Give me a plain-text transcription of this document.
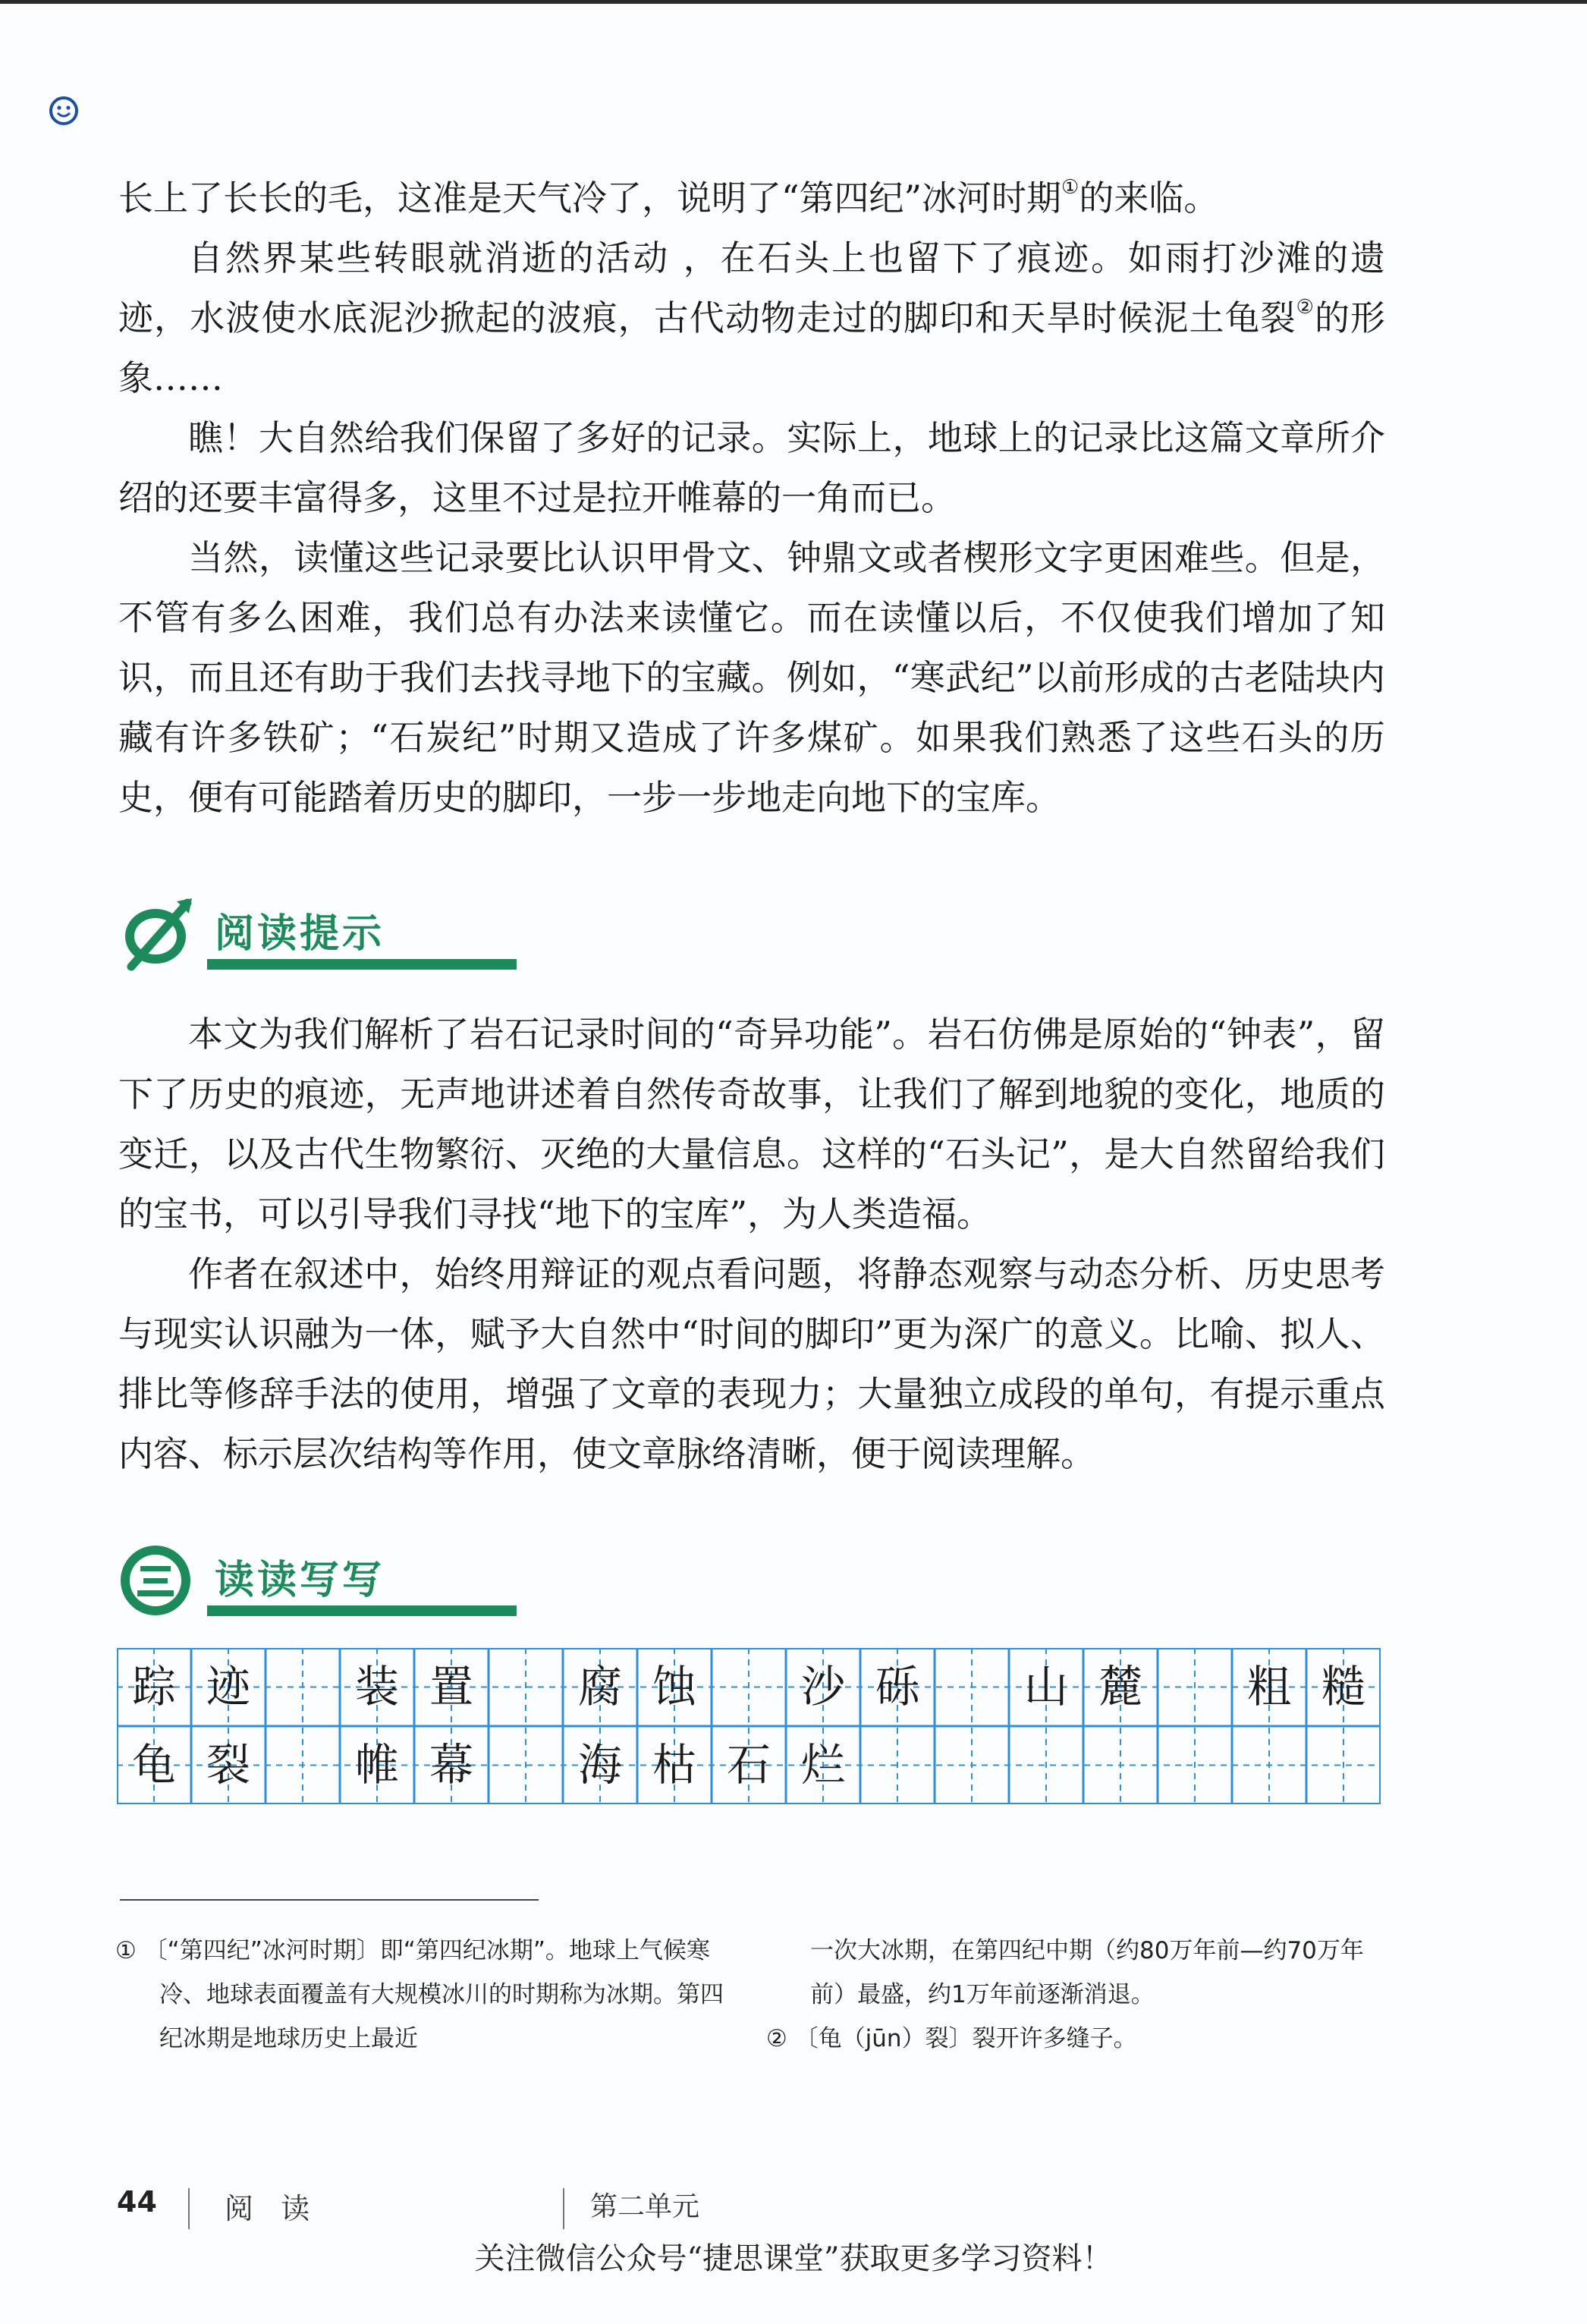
长上了长长的毛，这准是天气冷了，说明了“第四纪”冰河时期①的来临。

自然界某些转眼就消逝的活动 ，在石头上也留下了痕迹。如雨打沙滩的遗迹，水波使水底泥沙掀起的波痕，古代动物走过的脚印和天旱时候泥土龟裂②的形象……

瞧！大自然给我们保留了多好的记录。实际上，地球上的记录比这篇文章所介绍的还要丰富得多，这里不过是拉开帷幕的一角而已。

当然，读懂这些记录要比认识甲骨文、钟鼎文或者楔形文字更困难些。但是，不管有多么困难，我们总有办法来读懂它。而在读懂以后，不仅使我们增加了知识，而且还有助于我们去找寻地下的宝藏。例如，“寒武纪”以前形成的古老陆块内藏有许多铁矿；“石炭纪”时期又造成了许多煤矿。如果我们熟悉了这些石头的历史，便有可能踏着历史的脚印，一步一步地走向地下的宝库。

阅读提示

本文为我们解析了岩石记录时间的“奇异功能”。岩石仿佛是原始的“钟表”，留下了历史的痕迹，无声地讲述着自然传奇故事，让我们了解到地貌的变化，地质的变迁，以及古代生物繁衍、灭绝的大量信息。这样的“石头记”，是大自然留给我们的宝书，可以引导我们寻找“地下的宝库”，为人类造福。

作者在叙述中，始终用辩证的观点看问题，将静态观察与动态分析、历史思考与现实认识融为一体，赋予大自然中“时间的脚印”更为深广的意义。比喻、拟人、排比等修辞手法的使用，增强了文章的表现力；大量独立成段的单句，有提示重点内容、标示层次结构等作用，使文章脉络清晰，便于阅读理解。

读读写写
踪 迹	装 置	腐 蚀	沙 砾	山 麓	粗 糙
龟 裂	帷 幕	海 枯 石 烂

① 〔“第四纪”冰河时期〕即“第四纪冰期”。地球上气候寒冷、地球表面覆盖有大规模冰川的时期称为冰期。第四纪冰期是地球历史上最近

一次大冰期，在第四纪中期（约80万年前—约70万年前）最盛，约1万年前逐渐消退。

② 〔龟（jūn）裂〕裂开许多缝子。

44 阅 读	第二单元
关注微信公众号“捷思课堂”获取更多学习资料！
